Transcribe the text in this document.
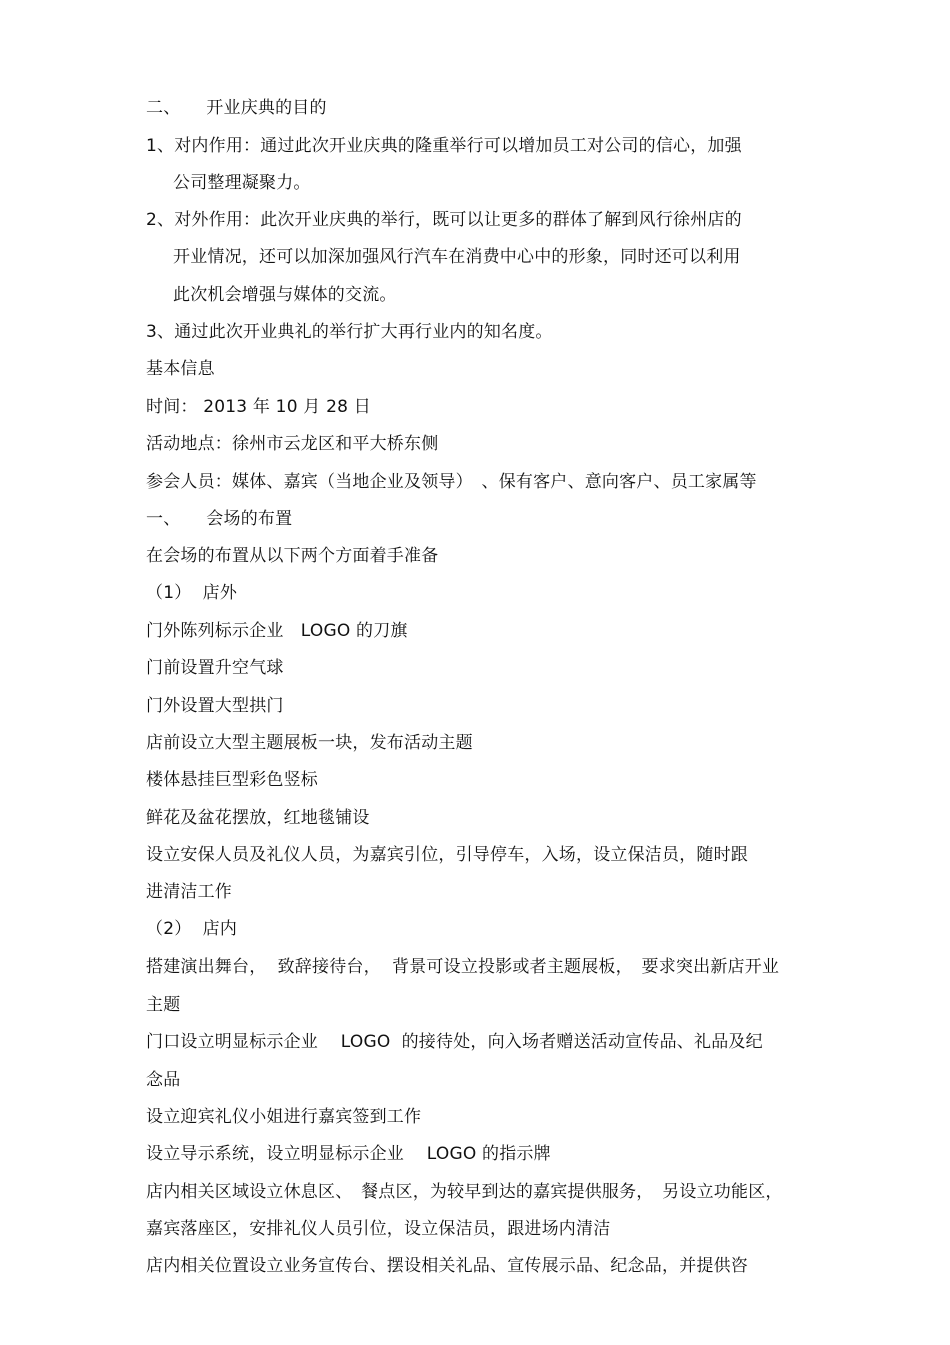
二、　　开业庆典的目的
1、对内作用：通过此次开业庆典的隆重举行可以增加员工对公司的信心，加强
公司整理凝聚力。
2、对外作用：此次开业庆典的举行，既可以让更多的群体了解到风行徐州店的
开业情况，还可以加深加强风行汽车在消费中心中的形象，同时还可以利用
此次机会增强与媒体的交流。
3、通过此次开业典礼的举行扩大再行业内的知名度。
基本信息
时间： 2013 年 10 月 28 日
活动地点：徐州市云龙区和平大桥东侧
参会人员：媒体、嘉宾（当地企业及领导）　、保有客户、意向客户、员工家属等
一、　　会场的布置
在会场的布置从以下两个方面着手准备
（1）  店外
门外陈列标示企业　LOGO 的刀旗
门前设置升空气球
门外设置大型拱门
店前设立大型主题展板一块，发布活动主题
楼体悬挂巨型彩色竖标
鲜花及盆花摆放，红地毯铺设
设立安保人员及礼仪人员，为嘉宾引位，引导停车，入场，设立保洁员，随时跟
进清洁工作
（2）  店内
搭建演出舞台，  致辞接待台，  背景可设立投影或者主题展板，　要求突出新店开业
主题
门口设立明显标示企业　 LOGO  的接待处，向入场者赠送活动宣传品、礼品及纪
念品
设立迎宾礼仪小姐进行嘉宾签到工作
设立导示系统，设立明显标示企业　 LOGO 的指示牌
店内相关区域设立休息区、　餐点区，为较早到达的嘉宾提供服务，　另设立功能区，
嘉宾落座区，安排礼仪人员引位，设立保洁员，跟进场内清洁
店内相关位置设立业务宣传台、摆设相关礼品、宣传展示品、纪念品，并提供咨
